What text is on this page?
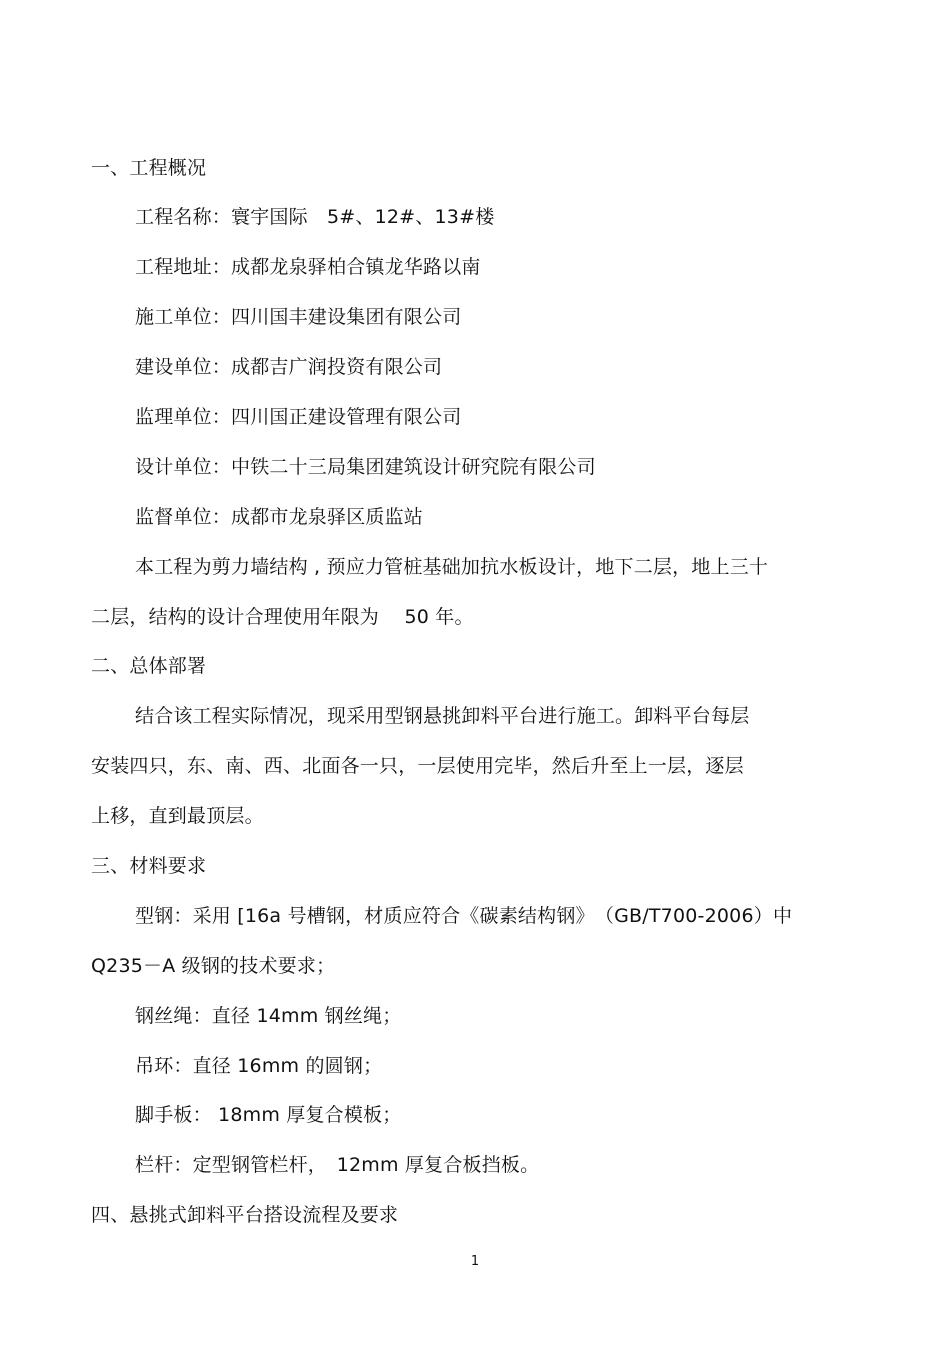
一、工程概况
工程名称：寰宇国际　5#、12#、13#楼
工程地址：成都龙泉驿柏合镇龙华路以南
施工单位：四川国丰建设集团有限公司
建设单位：成都吉广润投资有限公司
监理单位：四川国正建设管理有限公司
设计单位：中铁二十三局集团建筑设计研究院有限公司
监督单位：成都市龙泉驿区质监站
本工程为剪力墙结构 , 预应力管桩基础加抗水板设计，地下二层，地上三十
二层，结构的设计合理使用年限为　 50 年。
二、总体部署
结合该工程实际情况，现采用型钢悬挑卸料平台进行施工。卸料平台每层
安装四只，东、南、西、北面各一只，一层使用完毕，然后升至上一层，逐层
上移，直到最顶层。
三、材料要求
型钢：采用 [16a 号槽钢，材质应符合《碳素结构钢》　（GB/T700-2006）中
Q235－A 级钢的技术要求；
钢丝绳：直径 14mm 钢丝绳；
吊环：直径 16mm 的圆钢；
脚手板： 18mm 厚复合模板；
栏杆：定型钢管栏杆，　12mm 厚复合板挡板。
四、悬挑式卸料平台搭设流程及要求
1
